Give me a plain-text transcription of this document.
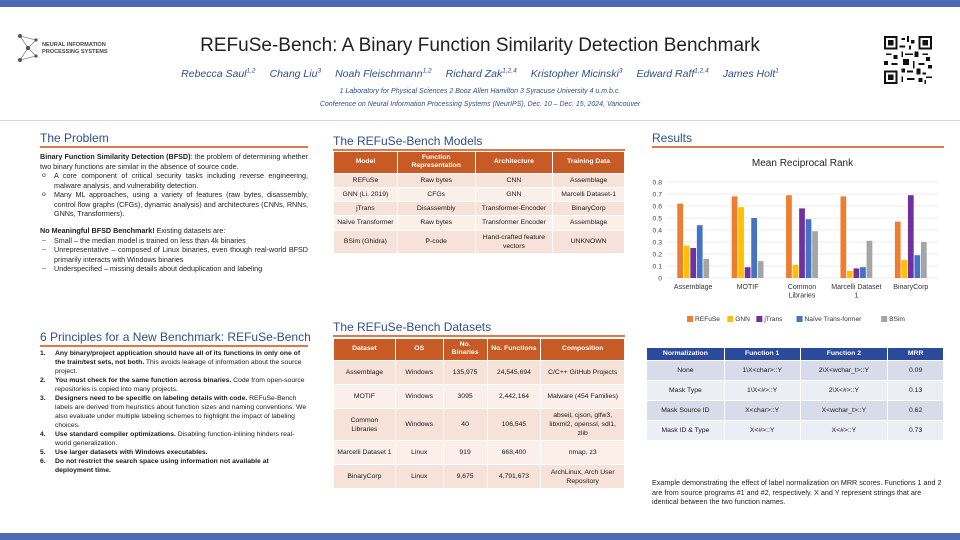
NEURAL INFORMATION
PROCESSING SYSTEMS	REFuSe-Bench: A Binary Function Similarity Detection Benchmark
Rebecca Saul$^{1,2}$ Chang Liu$^3$ Noah Fleischmann$^{1,2}$ Richard Zak$^{1,2,4}$ Kristopher Micinski$^3$ Edward Raff$^{1,2,4}$ James Holt$^1$
1 Laboratory for Physical Sciences 2 Booz Allen Hamilton 3 Syracuse University 4 u.m.b.c.
Conference on Neural Information Processing Systems (NeurIPS), Dec. 10 – Dec. 15, 2024, Vancouver
The Problem

Binary Function Similarity Detection (BFSD): the problem of determining whether two binary functions are similar in the absence of source code.

o A core component of critical security tasks including reverse engineering, malware analysis, and vulnerability detection.
o Many ML approaches, using a variety of features (raw bytes, disassembly, control flow graphs (CFGs), dynamic analysis) and architectures (CNNs, RNNs, GNNs, Transformers).

No Meaningful BFSD Benchmark! Existing datasets are:

– Small – the median model is trained on less than 4k binaries
– Unrepresentative – composed of Linux binaries, even though real-world BFSD primarily interacts with Windows binaries
– Underspecified – missing details about deduplication and labeling
6 Principles for a New Benchmark: REFuSe-Bench
1.	Any binary/project application should have all of its functions in only one of the train/test sets, not both. This avoids leakage of information about the source project.
2.	You must check for the same function across binaries. Code from open-source repositories is copied into many projects.
3.	Designers need to be specific on labeling details with code. REFuSe-Bench labels are derived from heuristics about function sizes and naming conventions. We also evaluate under multiple labeling schemes to highlight the impact of labeling choices.
4.	Use standard compiler optimizations. Disabling function-inlining hinders real-world generalization.
5.	Use larger datasets with Windows executables.
6.	Do not restrict the search space using information not available at deployment time.
The REFuSe-Bench Models
Model	Function Representation	Architecture	Training Data
REFuSe	Raw bytes	CNN	Assemblage
GNN (Li. 2019)	CFGs	GNN	Marcelli Dataset-1
jTrans	Disassembly	Transformer-Encoder	BinaryCorp
Naïve Transformer	Raw bytes	Transformer Encoder	Assemblage
BSim (Ghidra)	P-code	Hand-crafted feature vectors	UNKNOWN
The REFuSe-Bench Datasets
Dataset	OS	No. Binaries	No. Functions	Composition
Assemblage	Windows	135,975	24,545,694	C/C++ GitHub Projects
MOTIF	Windows	3095	2,442,164	Malware (454 Families)
Common Libraries	Windows	40	106,545	abseil, cjson, glfw3, libxml2, openssl, sdl1, zlib
Marcelli Dataset 1	Linux	919	668,400	nmap, z3
BinaryCorp	Linux	9,675	4,791,673	ArchLinux, Arch User Repository
Results
Mean Reciprocal Rank
0
0.1
0.2
0.3
0.4
0.5
0.6
0.7
0.8
Assemblage	MOTIF	Common Libraries
Marcelli Dataset 1
BinaryCorp
REFuSe GNN jTrans	Naïve Trans-former	BSim
Normalization	Function 1	Function 2	MRR
None	1\X<char>::Y	2\X<wchar_t>::Y	0.09
Mask Type	1\X<#>::Y	2\X<#>::Y	0.13
Mask Source ID	X<char>::Y	X<wchar_t>::Y	0.62
Mask ID & Type	X<#>::Y	X<#>::Y	0.73
Example demonstrating the effect of label normalization on MRR scores. Functions 1 and 2 are from source programs #1 and #2, respectively. X and Y represent strings that are identical between the two function names.
